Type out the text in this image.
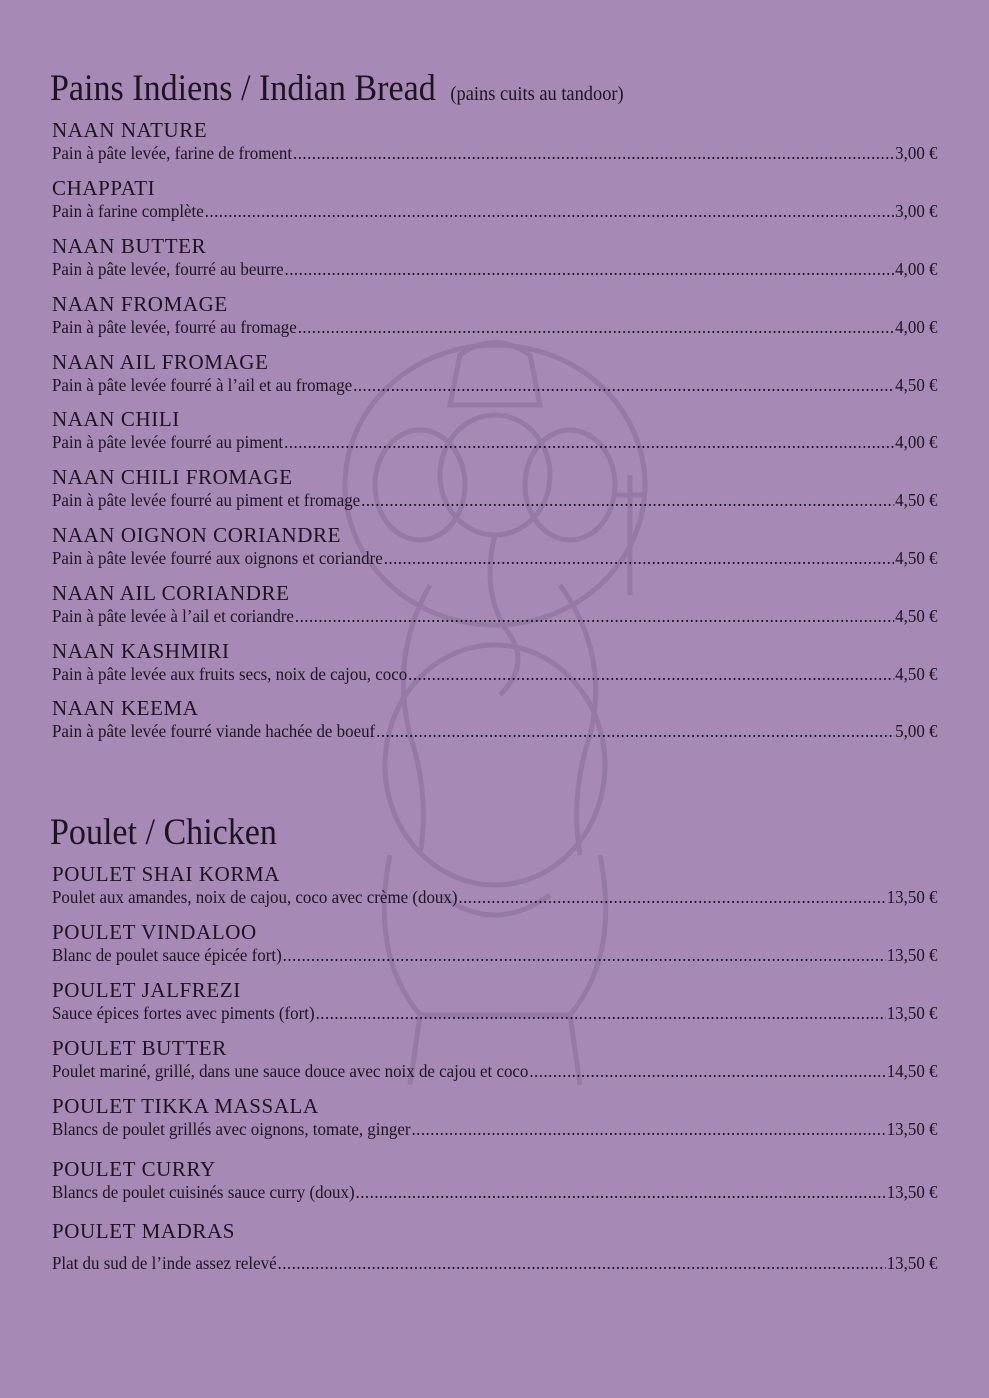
Pains Indiens / Indian Bread (pains cuits au tandoor)
NAAN NATURE
Pain à pâte levée, farine de froment .....	3,00 €
CHAPPATI
Pain à farine complète .....	3,00 €
NAAN BUTTER
Pain à pâte levée, fourré au beurre .....	4,00 €
NAAN FROMAGE
Pain à pâte levée, fourré au fromage .....	4,00 €
NAAN AIL FROMAGE
Pain à pâte levée fourré à l’ail et au fromage .....	4,50 €
NAAN CHILI
Pain à pâte levée fourré au piment .....	4,00 €
NAAN CHILI FROMAGE
Pain à pâte levée fourré au piment et fromage .....	4,50 €
NAAN OIGNON CORIANDRE
Pain à pâte levée fourré aux oignons et coriandre .....	4,50 €
NAAN AIL CORIANDRE
Pain à pâte levée à l’ail et coriandre .....	4,50 €
NAAN KASHMIRI
Pain à pâte levée aux fruits secs, noix de cajou, coco .....	4,50 €
NAAN KEEMA
Pain à pâte levée fourré viande hachée de boeuf .....	5,00 €
Poulet / Chicken
POULET SHAI KORMA
Poulet aux amandes, noix de cajou, coco avec crème (doux) .....	13,50 €
POULET VINDALOO
Blanc de poulet sauce épicée fort) .....	13,50 €
POULET JALFREZI
Sauce épices fortes avec piments (fort) .....	13,50 €
POULET BUTTER
Poulet mariné, grillé, dans une sauce douce avec noix de cajou et coco .....	14,50 €
POULET TIKKA MASSALA
Blancs de poulet grillés avec oignons, tomate, ginger .....	13,50 €
POULET CURRY
Blancs de poulet cuisinés sauce curry (doux) .....	13,50 €
POULET MADRAS
Plat du sud de l’inde assez relevé .....	13,50 €
